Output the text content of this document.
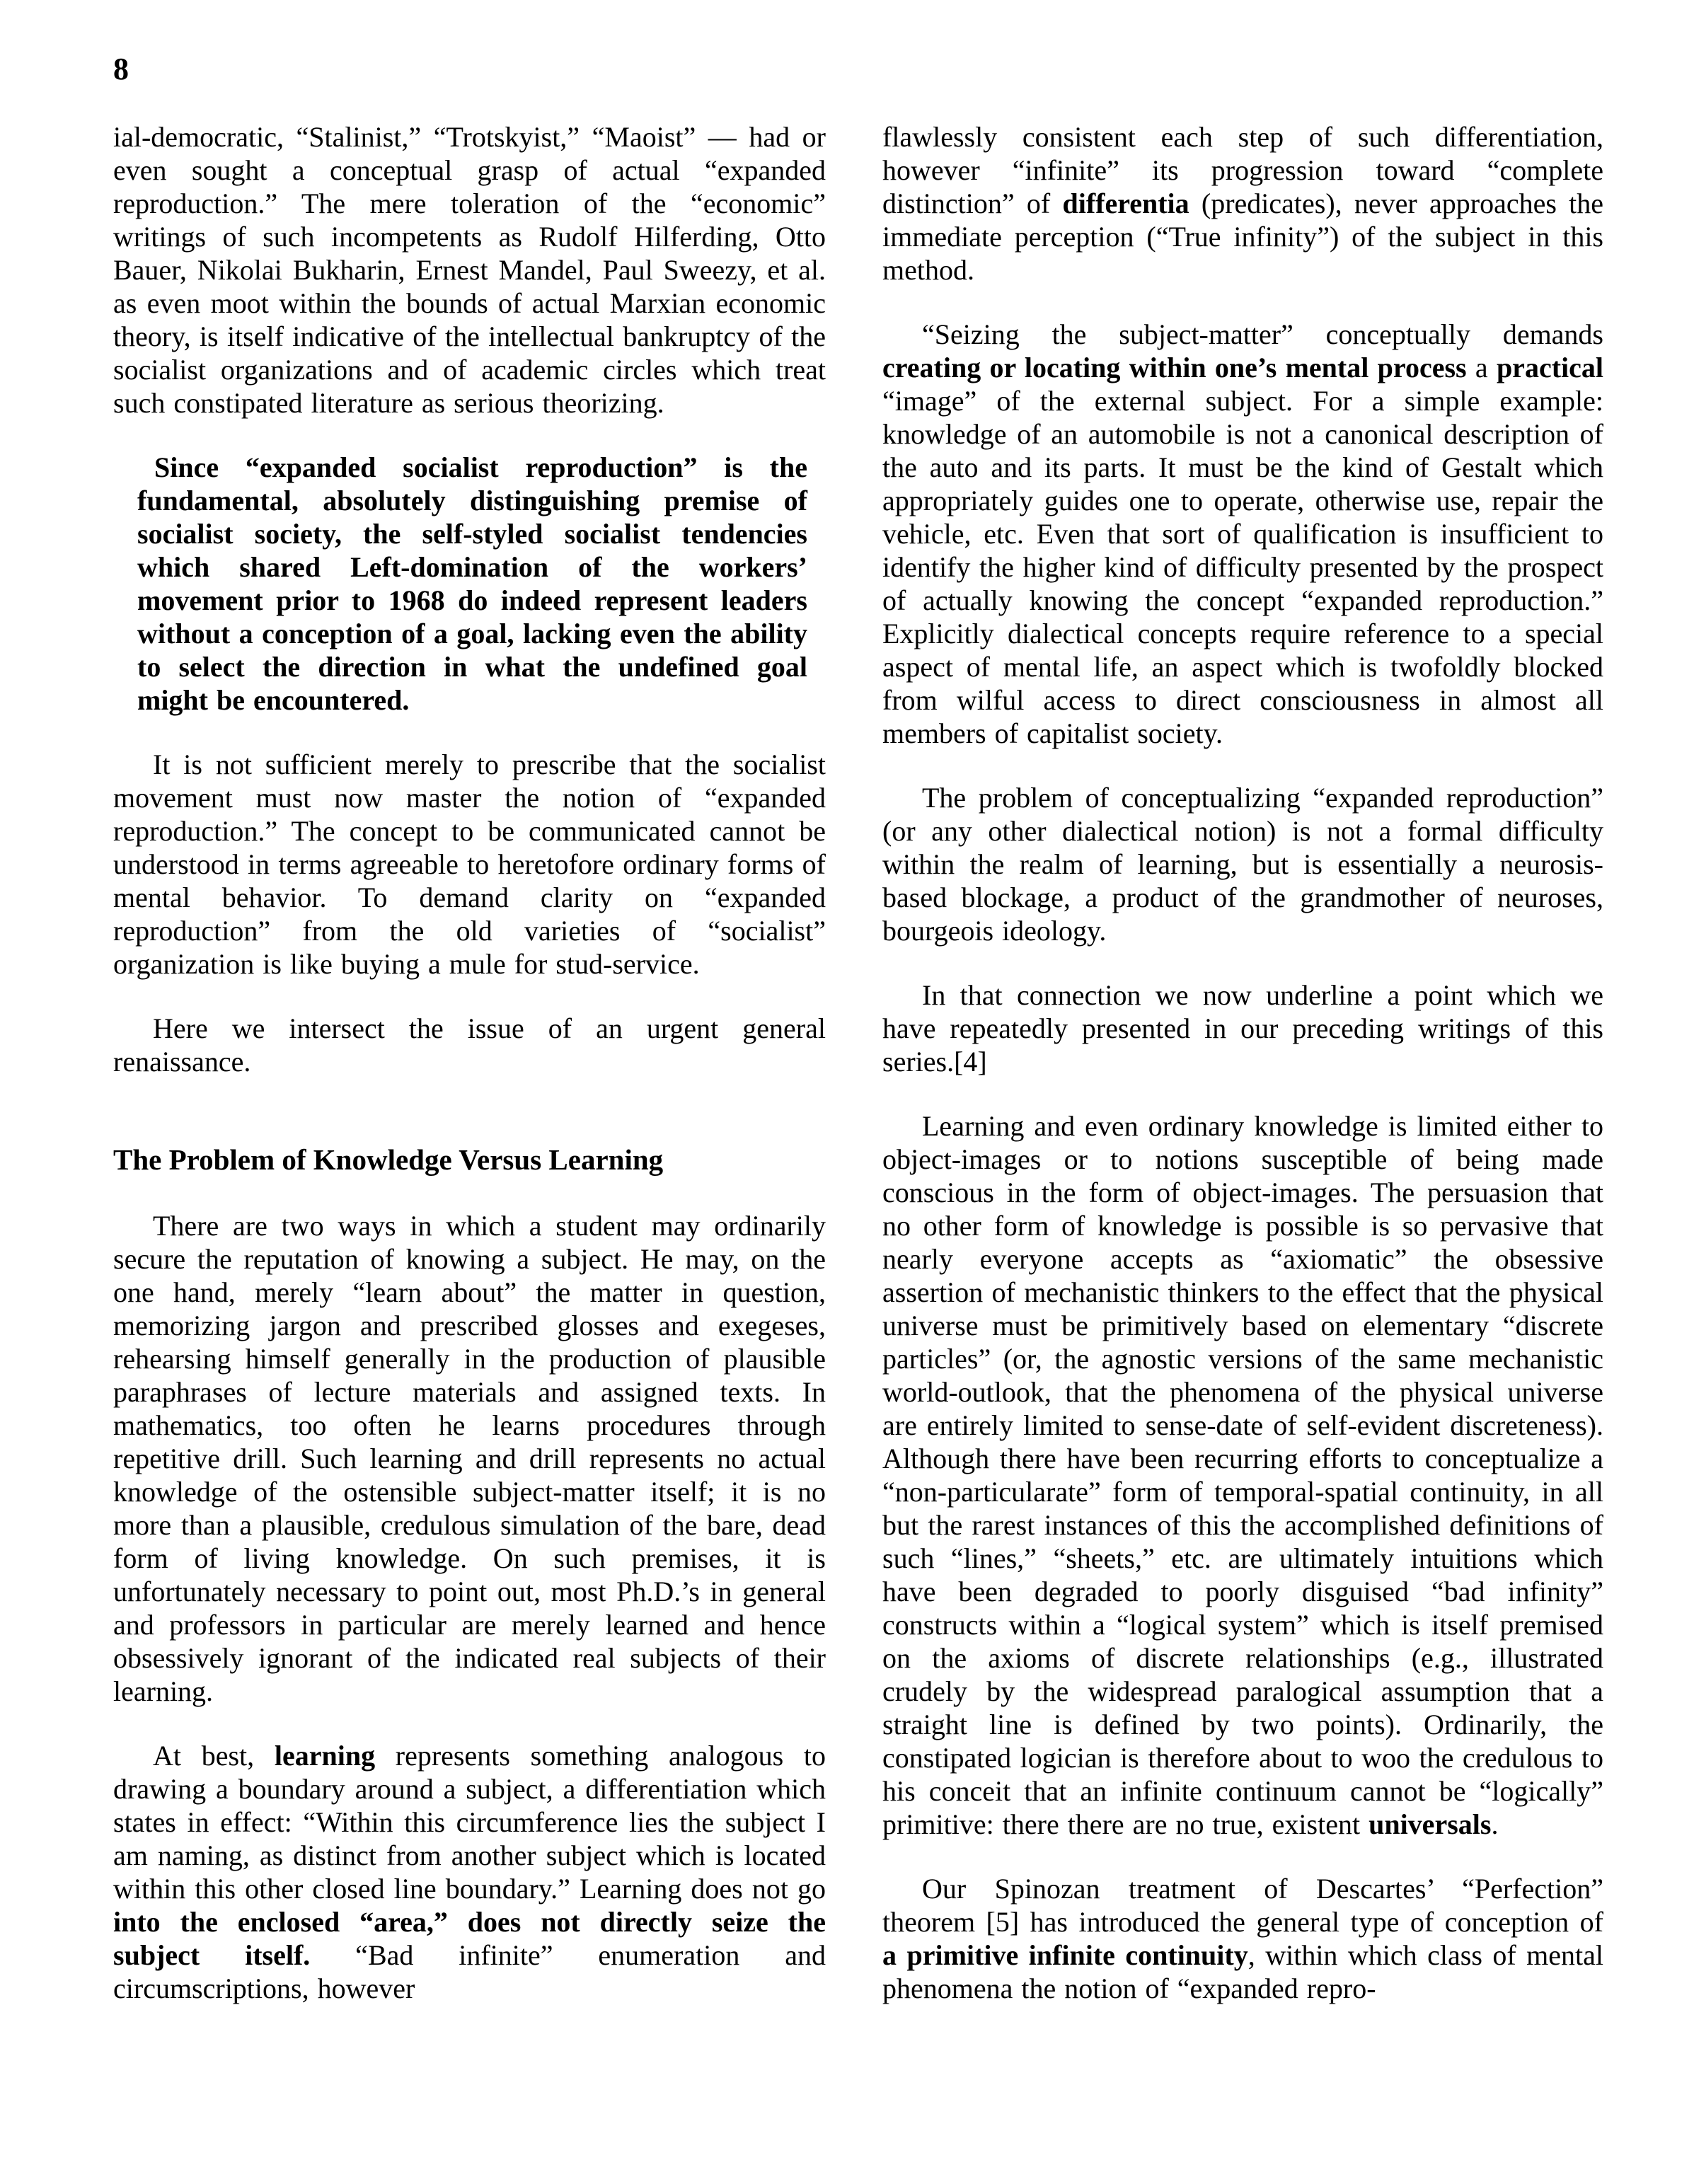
8

ial-democratic, “Stalinist,” “Trotskyist,” “Maoist” — had or even sought a conceptual grasp of actual “expanded reproduction.” The mere toleration of the “economic” writings of such incompetents as Rudolf Hilferding, Otto Bauer, Nikolai Bukharin, Ernest Mandel, Paul Sweezy, et al. as even moot within the bounds of actual Marxian economic theory, is itself indicative of the intellectual bankruptcy of the socialist organizations and of academic circles which treat such constipated literature as serious theorizing.

Since “expanded socialist reproduction” is the fundamental, absolutely distinguishing premise of socialist society, the self-styled socialist tendencies which shared Left-domination of the workers’ movement prior to 1968 do indeed represent leaders without a conception of a goal, lacking even the ability to select the direction in what the undefined goal might be encountered.

It is not sufficient merely to prescribe that the socialist movement must now master the notion of “expanded reproduction.” The concept to be communicated cannot be understood in terms agreeable to heretofore ordinary forms of mental behavior. To demand clarity on “expanded reproduction” from the old varieties of “socialist” organization is like buying a mule for stud-service.

Here we intersect the issue of an urgent general renaissance.

The Problem of Knowledge Versus Learning

There are two ways in which a student may ordinarily secure the reputation of knowing a subject. He may, on the one hand, merely “learn about” the matter in question, memorizing jargon and prescribed glosses and exegeses, rehearsing himself generally in the production of plausible paraphrases of lecture materials and assigned texts. In mathematics, too often he learns procedures through repetitive drill. Such learning and drill represents no actual knowledge of the ostensible subject-matter itself; it is no more than a plausible, credulous simulation of the bare, dead form of living knowledge. On such premises, it is unfortunately necessary to point out, most Ph.D.’s in general and professors in particular are merely learned and hence obsessively ignorant of the indicated real subjects of their learning.

At best, learning represents something analogous to drawing a boundary around a subject, a differentiation which states in effect: “Within this circumference lies the subject I am naming, as distinct from another subject which is located within this other closed line boundary.” Learning does not go into the enclosed “area,” does not directly seize the subject itself. “Bad infinite” enumeration and circumscriptions, however

flawlessly consistent each step of such differentiation, however “infinite” its progression toward “complete distinction” of differentia (predicates), never approaches the immediate perception (“True infinity”) of the subject in this method.

“Seizing the subject-matter” conceptually demands creating or locating within one’s mental process a practical “image” of the external subject. For a simple example: knowledge of an automobile is not a canonical description of the auto and its parts. It must be the kind of Gestalt which appropriately guides one to operate, otherwise use, repair the vehicle, etc. Even that sort of qualification is insufficient to identify the higher kind of difficulty presented by the prospect of actually knowing the concept “expanded reproduction.” Explicitly dialectical concepts require reference to a special aspect of mental life, an aspect which is twofoldly blocked from wilful access to direct consciousness in almost all members of capitalist society.

The problem of conceptualizing “expanded reproduction” (or any other dialectical notion) is not a formal difficulty within the realm of learning, but is essentially a neurosis-based blockage, a product of the grandmother of neuroses, bourgeois ideology.

In that connection we now underline a point which we have repeatedly presented in our preceding writings of this series.[4]

Learning and even ordinary knowledge is limited either to object-images or to notions susceptible of being made conscious in the form of object-images. The persuasion that no other form of knowledge is possible is so pervasive that nearly everyone accepts as “axiomatic” the obsessive assertion of mechanistic thinkers to the effect that the physical universe must be primitively based on elementary “discrete particles” (or, the agnostic versions of the same mechanistic world-outlook, that the phenomena of the physical universe are entirely limited to sense-date of self-evident discreteness). Although there have been recurring efforts to conceptualize a “non-particularate” form of temporal-spatial continuity, in all but the rarest instances of this the accomplished definitions of such “lines,” “sheets,” etc. are ultimately intuitions which have been degraded to poorly disguised “bad infinity” constructs within a “logical system” which is itself premised on the axioms of discrete relationships (e.g., illustrated crudely by the widespread paralogical assumption that a straight line is defined by two points). Ordinarily, the constipated logician is therefore about to woo the credulous to his conceit that an infinite continuum cannot be “logically” primitive: there there are no true, existent universals.

Our Spinozan treatment of Descartes’ “Perfection” theorem [5] has introduced the general type of conception of a primitive infinite continuity, within which class of mental phenomena the notion of “expanded repro-
